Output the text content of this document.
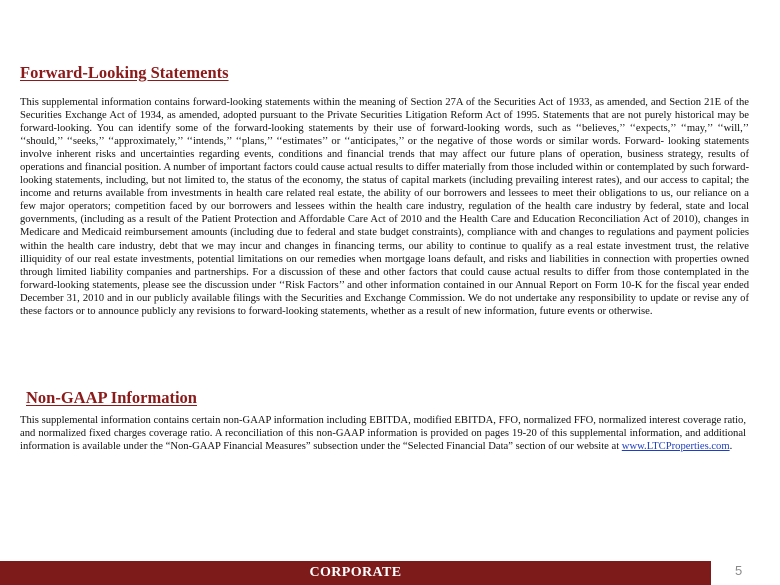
Forward-Looking Statements

This supplemental information contains forward-looking statements within the meaning of Section 27A of the Securities Act of 1933, as amended, and Section 21E of the Securities Exchange Act of 1934, as amended, adopted pursuant to the Private Securities Litigation Reform Act of 1995. Statements that are not purely historical may be forward-looking. You can identify some of the forward-looking statements by their use of forward-looking words, such as ‘‘believes,’’ ‘‘expects,’’ ‘‘may,’’ ‘‘will,’’ ‘‘should,’’ ‘‘seeks,’’ ‘‘approximately,’’ ‘‘intends,’’ ‘‘plans,’’ ‘‘estimates’’ or ‘‘anticipates,’’ or the negative of those words or similar words. Forward- looking statements involve inherent risks and uncertainties regarding events, conditions and financial trends that may affect our future plans of operation, business strategy, results of operations and financial position. A number of important factors could cause actual results to differ materially from those included within or contemplated by such forward-looking statements, including, but not limited to, the status of the economy, the status of capital markets (including prevailing interest rates), and our access to capital; the income and returns available from investments in health care related real estate, the ability of our borrowers and lessees to meet their obligations to us, our reliance on a few major operators; competition faced by our borrowers and lessees within the health care industry, regulation of the health care industry by federal, state and local governments, (including as a result of the Patient Protection and Affordable Care Act of 2010 and the Health Care and Education Reconciliation Act of 2010), changes in Medicare and Medicaid reimbursement amounts (including due to federal and state budget constraints), compliance with and changes to regulations and payment policies within the health care industry, debt that we may incur and changes in financing terms, our ability to continue to qualify as a real estate investment trust, the relative illiquidity of our real estate investments, potential limitations on our remedies when mortgage loans default, and risks and liabilities in connection with properties owned through limited liability companies and partnerships. For a discussion of these and other factors that could cause actual results to differ from those contemplated in the forward-looking statements, please see the discussion under ‘‘Risk Factors’’ and other information contained in our Annual Report on Form 10-K for the fiscal year ended December 31, 2010 and in our publicly available filings with the Securities and Exchange Commission. We do not undertake any responsibility to update or revise any of these factors or to announce publicly any revisions to forward-looking statements, whether as a result of new information, future events or otherwise.

Non-GAAP Information

This supplemental information contains certain non-GAAP information including EBITDA, modified EBITDA, FFO, normalized FFO, normalized interest coverage ratio, and normalized fixed charges coverage ratio. A reconciliation of this non-GAAP information is provided on pages 19-20 of this supplemental information, and additional information is available under the “Non-GAAP Financial Measures” subsection under the “Selected Financial Data” section of our website at www.LTCProperties.com.

CORPORATE	5
